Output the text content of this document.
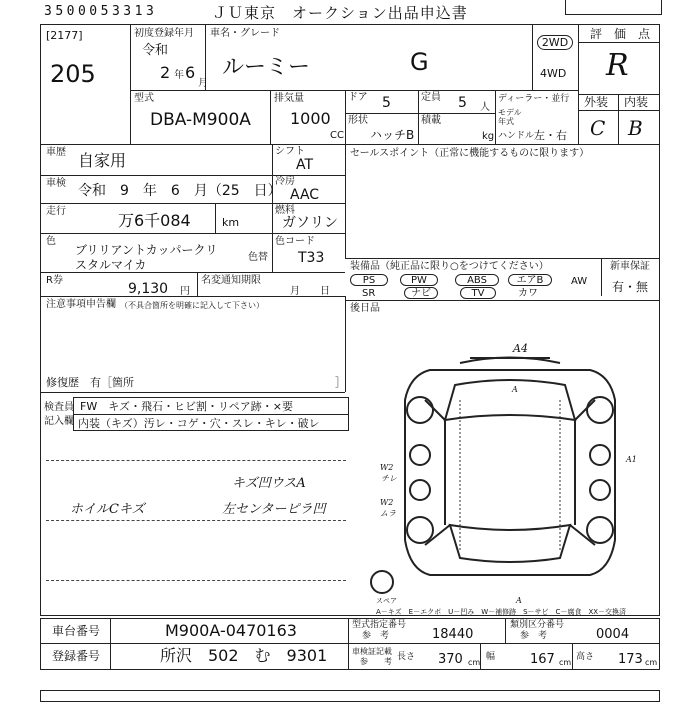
3500053313	ＪＵ東京　オークション出品申込書
[2177]
205
初度登録年月
令和
2 年 6
月
車名・グレード
ルーミー	G
2WD
4WD
評　価　点
R
外装 内装
C B
型式
DBA-M900A
排気量
1000
CC
ドア 5	定員 5 人
形状
ハッチB
積載
kg
ディーラー・並行
モデル
年式
ハンドル 左・右
車歴 自家用
車検 令和　9　年　6　月（25　日）
走行	万6千084	km
色
ブリリアントカッパークリ
スタルマイカ
色替
R券
9,130 円
名変通知期限
月 日
シフト
AT
冷房
AAC
燃料
ガソリン
色コード
T33
セールスポイント（正常に機能するものに限ります）
装備品（純正品に限り○をつけてください）	新車保証
有・無
PS	PW	ABS	エアB	AW
SR	ナビ	TV	カワ
後日品
注意事項申告欄 （不具合箇所を明確に記入して下さい）
修復歴　有［箇所	］
検査員
記入欄
FW　キズ・飛石・ヒビ割・リペア跡・×要
内装（キズ）汚レ・コゲ・穴・スレ・キレ・破レ
ホイルCキズ
キズ凹ウスA
左センターピラ凹
A4
A
A1
W2
チレ
W2
ムラ
スペア	A
A－キズ　E－エクボ　U－凹み　W－補修跡　S－サビ　C－腐食　XX－交換済
車台番号	M900A-0470163
登録番号	所沢　502　む　9301
型式指定番号
参　考	18440
類別区分番号
参　考	0004
車検証記載
参　　考 長さ 370 cm
幅	167 cm
高さ 173 cm
